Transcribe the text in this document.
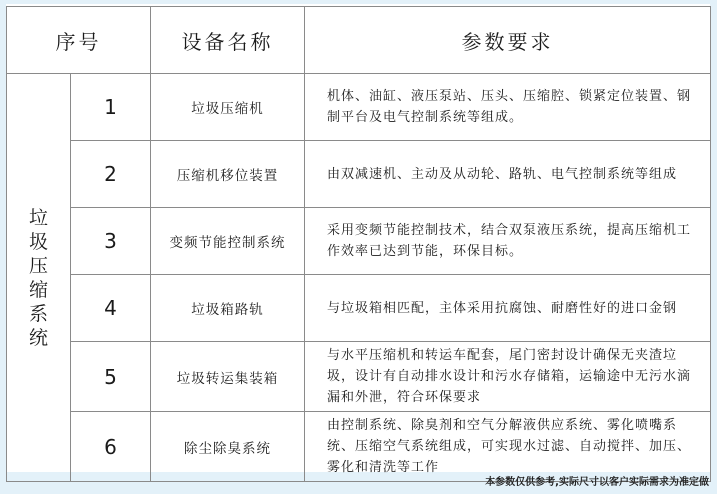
序号		设备名称	参数要求
垃圾压缩系统	1	垃圾压缩机	机体、油缸、液压泵站、压头、压缩腔、锁紧定位装置、钢制平台及电气控制系统等组成。
	2	压缩机移位装置	由双减速机、主动及从动轮、路轨、电气控制系统等组成
	3	变频节能控制系统	采用变频节能控制技术，结合双泵液压系统，提高压缩机工作效率已达到节能，环保目标。
	4	垃圾箱路轨	与垃圾箱相匹配，主体采用抗腐蚀、耐磨性好的进口金钢
	5	垃圾转运集装箱	与水平压缩机和转运车配套，尾门密封设计确保无夹渣垃圾，设计有自动排水设计和污水存储箱，运输途中无污水滴漏和外泄，符合环保要求
	6	除尘除臭系统	由控制系统、除臭剂和空气分解液供应系统、雾化喷嘴系统、压缩空气系统组成，可实现水过滤、自动搅拌、加压、雾化和清洗等工作
本参数仅供参考,实际尺寸以客户实际需求为准定做
